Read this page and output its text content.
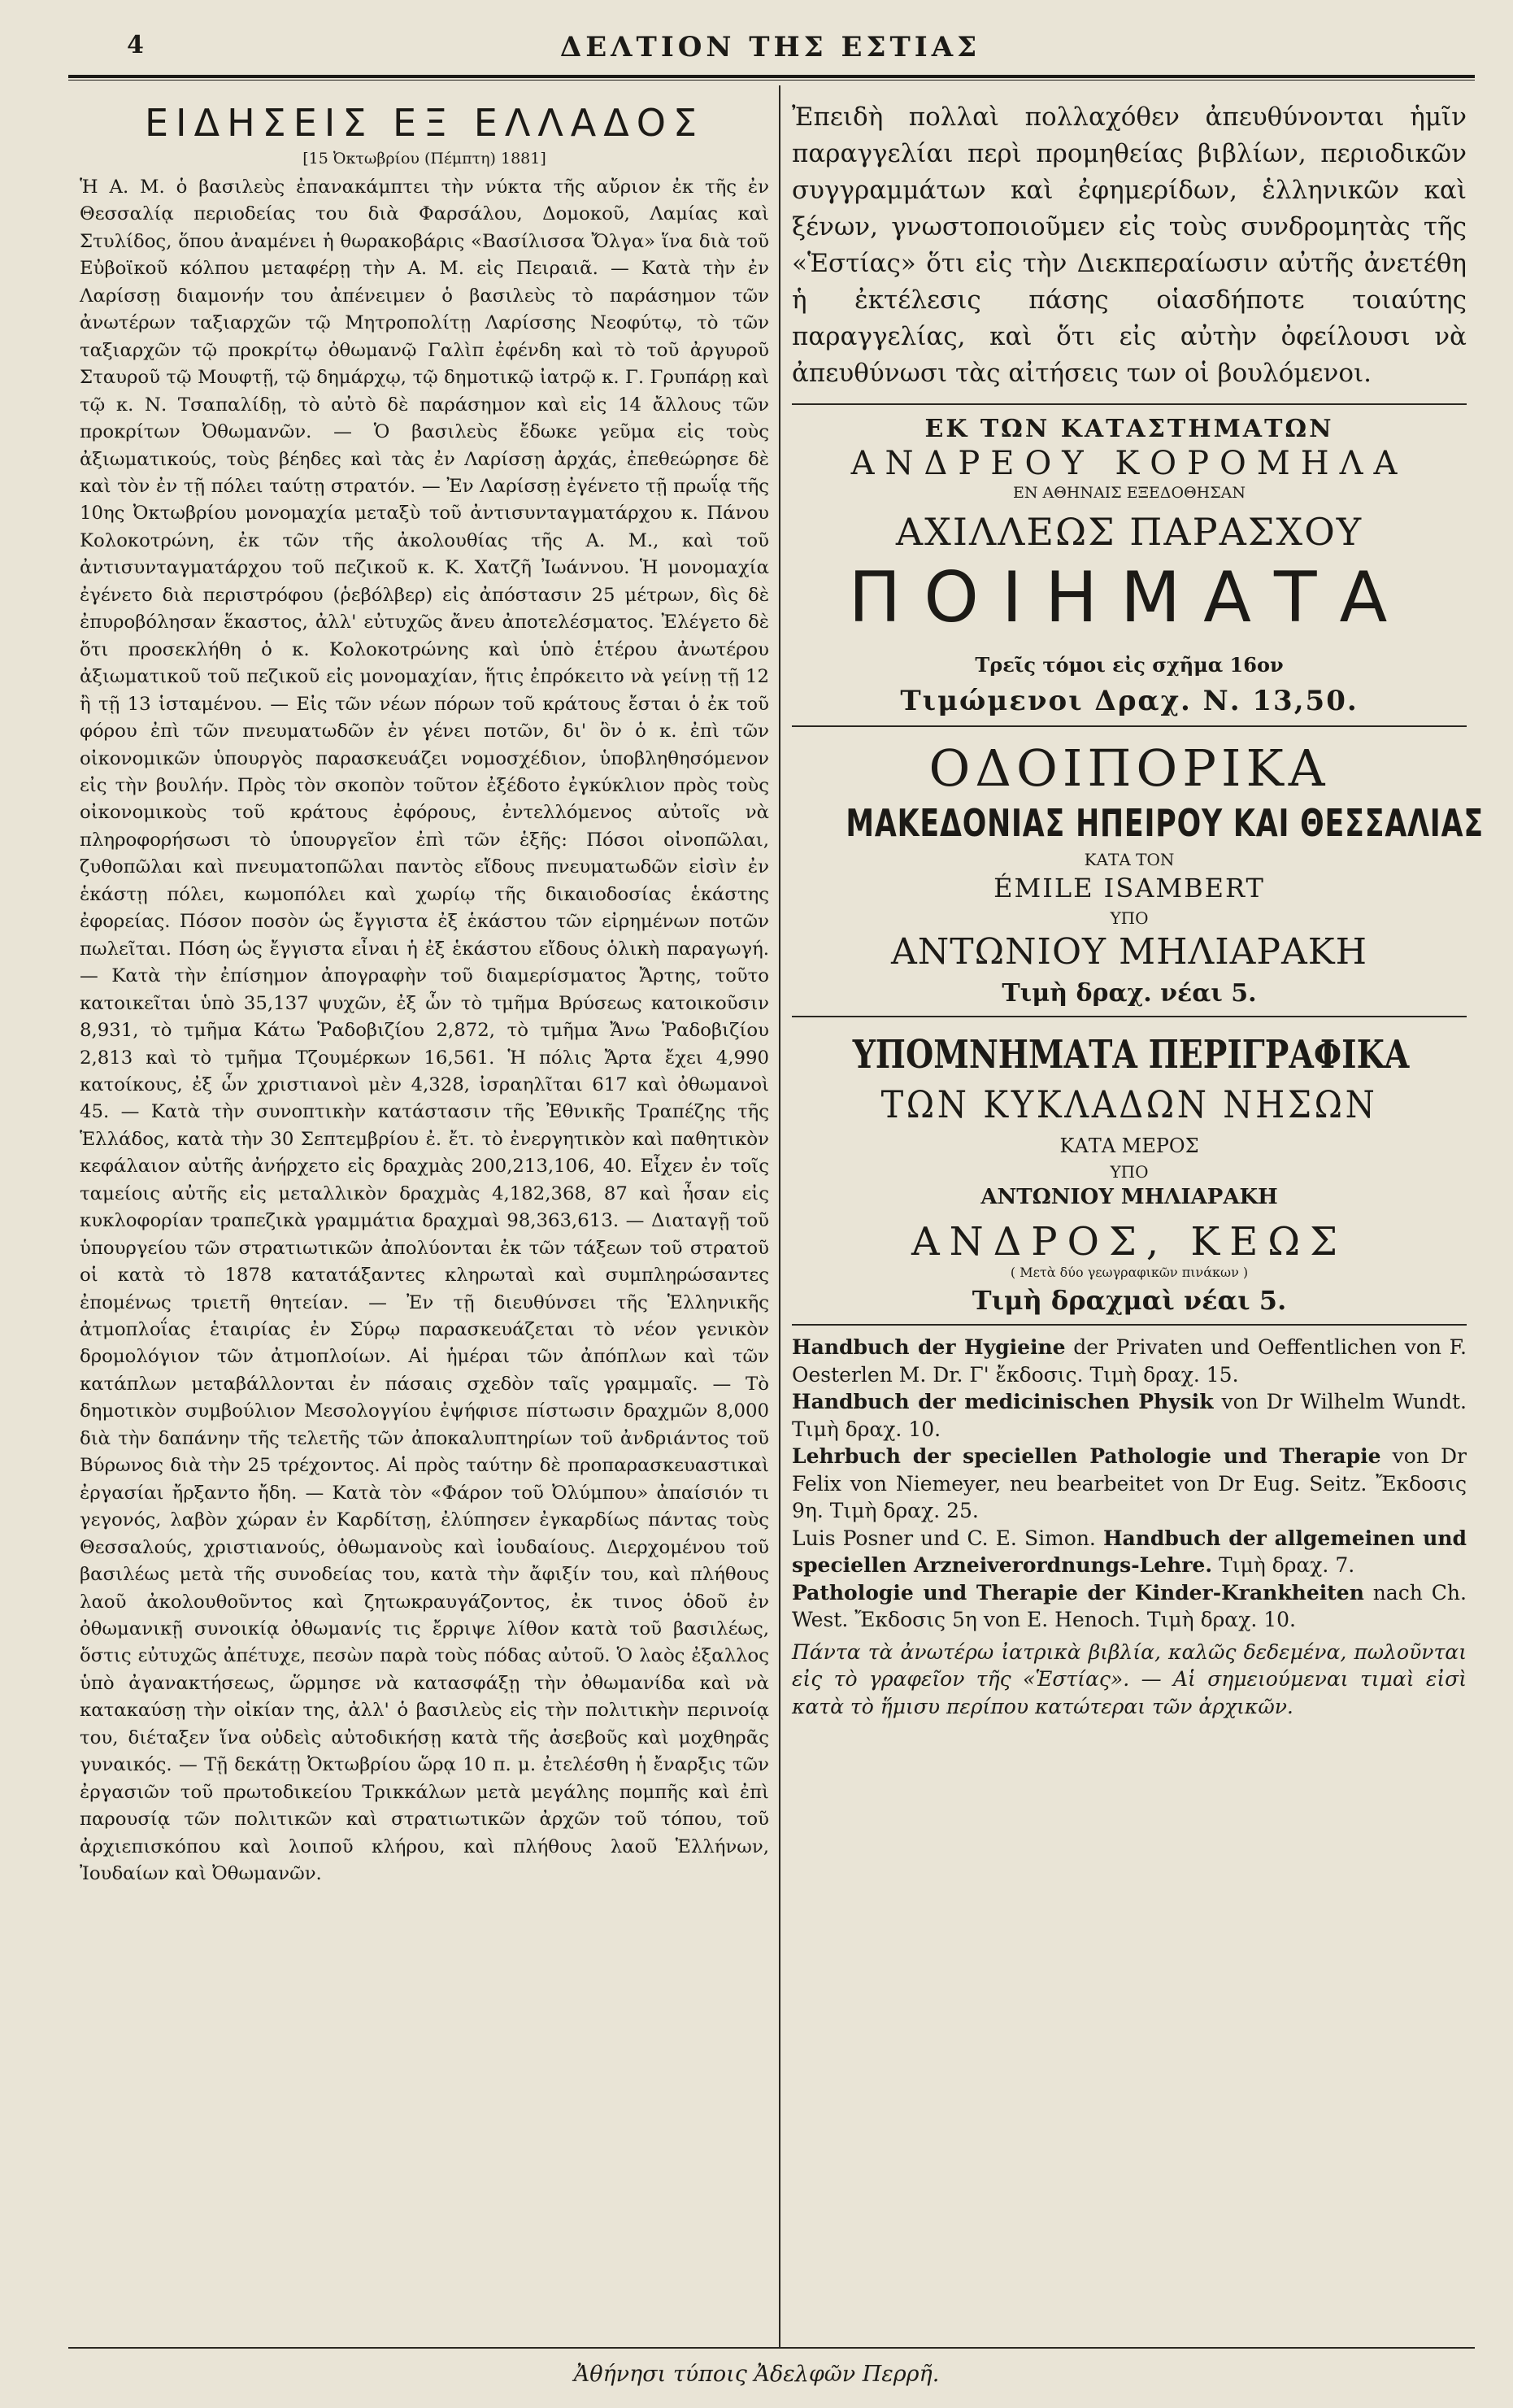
4	ΔΕΛΤΙΟΝ ΤΗΣ ΕΣΤΙΑΣ
ΕΙΔΗΣΕΙΣ ΕΞ ΕΛΛΑΔΟΣ
[15 Ὀκτωβρίου (Πέμπτη) 1881]

Ἡ Α. Μ. ὁ βασιλεὺς ἐπανακάμπτει τὴν νύκτα τῆς αὔριον ἐκ τῆς ἐν Θεσσαλίᾳ περιοδείας του διὰ Φαρσάλου, Δομοκοῦ, Λαμίας καὶ Στυλίδος, ὅπου ἀναμένει ἡ θωρακοβάρις «Βασίλισσα Ὄλγα» ἵνα διὰ τοῦ Εὐβοϊκοῦ κόλπου μεταφέρῃ τὴν Α. Μ. εἰς Πειραιᾶ. — Κατὰ τὴν ἐν Λαρίσσῃ διαμονήν του ἀπένειμεν ὁ βασιλεὺς τὸ παράσημον τῶν ἀνωτέρων ταξιαρχῶν τῷ Μητροπολίτῃ Λαρίσσης Νεοφύτῳ, τὸ τῶν ταξιαρχῶν τῷ προκρίτῳ ὀθωμανῷ Γαλὶπ ἐφένδη καὶ τὸ τοῦ ἀργυροῦ Σταυροῦ τῷ Μουφτῇ, τῷ δημάρχῳ, τῷ δημοτικῷ ἰατρῷ κ. Γ. Γρυπάρῃ καὶ τῷ κ. Ν. Τσαπαλίδῃ, τὸ αὐτὸ δὲ παράσημον καὶ εἰς 14 ἄλλους τῶν προκρίτων Ὀθωμανῶν. — Ὁ βασιλεὺς ἔδωκε γεῦμα εἰς τοὺς ἀξιωματικούς, τοὺς βέηδες καὶ τὰς ἐν Λαρίσσῃ ἀρχάς, ἐπεθεώρησε δὲ καὶ τὸν ἐν τῇ πόλει ταύτῃ στρατόν. — Ἐν Λαρίσσῃ ἐγένετο τῇ πρωΐᾳ τῆς 10ης Ὀκτωβρίου μονομαχία μεταξὺ τοῦ ἀντισυνταγματάρχου κ. Πάνου Κολοκοτρώνη, ἐκ τῶν τῆς ἀκολουθίας τῆς Α. Μ., καὶ τοῦ ἀντισυνταγματάρχου τοῦ πεζικοῦ κ. Κ. Χατζῆ Ἰωάννου. Ἡ μονομαχία ἐγένετο διὰ περιστρόφου (ῥεβόλβερ) εἰς ἀπόστασιν 25 μέτρων, δὶς δὲ ἐπυροβόλησαν ἕκαστος, ἀλλ' εὐτυχῶς ἄνευ ἀποτελέσματος. Ἐλέγετο δὲ ὅτι προσεκλήθη ὁ κ. Κολοκοτρώνης καὶ ὑπὸ ἑτέρου ἀνωτέρου ἀξιωματικοῦ τοῦ πεζικοῦ εἰς μονομαχίαν, ἥτις ἐπρόκειτο νὰ γείνῃ τῇ 12 ἢ τῇ 13 ἱσταμένου. — Εἰς τῶν νέων πόρων τοῦ κράτους ἔσται ὁ ἐκ τοῦ φόρου ἐπὶ τῶν πνευματωδῶν ἐν γένει ποτῶν, δι' ὃν ὁ κ. ἐπὶ τῶν οἰκονομικῶν ὑπουργὸς παρασκευάζει νομοσχέδιον, ὑποβληθησόμενον εἰς τὴν βουλήν. Πρὸς τὸν σκοπὸν τοῦτον ἐξέδοτο ἐγκύκλιον πρὸς τοὺς οἰκονομικοὺς τοῦ κράτους ἐφόρους, ἐντελλόμενος αὐτοῖς νὰ πληροφορήσωσι τὸ ὑπουργεῖον ἐπὶ τῶν ἑξῆς: Πόσοι οἰνοπῶλαι, ζυθοπῶλαι καὶ πνευματοπῶλαι παντὸς εἴδους πνευματωδῶν εἰσὶν ἐν ἑκάστῃ πόλει, κωμοπόλει καὶ χωρίῳ τῆς δικαιοδοσίας ἑκάστης ἐφορείας. Πόσον ποσὸν ὡς ἔγγιστα ἐξ ἑκάστου τῶν εἰρημένων ποτῶν πωλεῖται. Πόση ὡς ἔγγιστα εἶναι ἡ ἐξ ἑκάστου εἴδους ὁλικὴ παραγωγή. — Κατὰ τὴν ἐπίσημον ἀπογραφὴν τοῦ διαμερίσματος Ἄρτης, τοῦτο κατοικεῖται ὑπὸ 35,137 ψυχῶν, ἐξ ὧν τὸ τμῆμα Βρύσεως κατοικοῦσιν 8,931, τὸ τμῆμα Κάτω Ῥαδοβιζίου 2,872, τὸ τμῆμα Ἄνω Ῥαδοβιζίου 2,813 καὶ τὸ τμῆμα Τζουμέρκων 16,561. Ἡ πόλις Ἄρτα ἔχει 4,990 κατοίκους, ἐξ ὧν χριστιανοὶ μὲν 4,328, ἰσραηλῖται 617 καὶ ὀθωμανοὶ 45. — Κατὰ τὴν συνοπτικὴν κατάστασιν τῆς Ἐθνικῆς Τραπέζης τῆς Ἑλλάδος, κατὰ τὴν 30 Σεπτεμβρίου ἐ. ἔτ. τὸ ἐνεργητικὸν καὶ παθητικὸν κεφάλαιον αὐτῆς ἀνήρχετο εἰς δραχμὰς 200,213,106, 40. Εἶχεν ἐν τοῖς ταμείοις αὐτῆς εἰς μεταλλικὸν δραχμὰς 4,182,368, 87 καὶ ἦσαν εἰς κυκλοφορίαν τραπεζικὰ γραμμάτια δραχμαὶ 98,363,613. — Διαταγῇ τοῦ ὑπουργείου τῶν στρατιωτικῶν ἀπολύονται ἐκ τῶν τάξεων τοῦ στρατοῦ οἱ κατὰ τὸ 1878 κατατάξαντες κληρωταὶ καὶ συμπληρώσαντες ἐπομένως τριετῆ θητείαν. — Ἐν τῇ διευθύνσει τῆς Ἑλληνικῆς ἀτμοπλοΐας ἑταιρίας ἐν Σύρῳ παρασκευάζεται τὸ νέον γενικὸν δρομολόγιον τῶν ἀτμοπλοίων. Αἱ ἡμέραι τῶν ἀπόπλων καὶ τῶν κατάπλων μεταβάλλονται ἐν πάσαις σχεδὸν ταῖς γραμμαῖς. — Τὸ δημοτικὸν συμβούλιον Μεσολογγίου ἐψήφισε πίστωσιν δραχμῶν 8,000 διὰ τὴν δαπάνην τῆς τελετῆς τῶν ἀποκαλυπτηρίων τοῦ ἀνδριάντος τοῦ Βύρωνος διὰ τὴν 25 τρέχοντος. Αἱ πρὸς ταύτην δὲ προπαρασκευαστικαὶ ἐργασίαι ἤρξαντο ἤδη. — Κατὰ τὸν «Φάρον τοῦ Ὀλύμπου» ἀπαίσιόν τι γεγονός, λαβὸν χώραν ἐν Καρδίτσῃ, ἐλύπησεν ἐγκαρδίως πάντας τοὺς Θεσσαλούς, χριστιανούς, ὀθωμανοὺς καὶ ἰουδαίους. Διερχομένου τοῦ βασιλέως μετὰ τῆς συνοδείας του, κατὰ τὴν ἄφιξίν του, καὶ πλήθους λαοῦ ἀκολουθοῦντος καὶ ζητωκραυγάζοντος, ἐκ τινος ὁδοῦ ἐν ὀθωμανικῇ συνοικίᾳ ὀθωμανίς τις ἔρριψε λίθον κατὰ τοῦ βασιλέως, ὅστις εὐτυχῶς ἀπέτυχε, πεσὼν παρὰ τοὺς πόδας αὐτοῦ. Ὁ λαὸς ἐξαλλος ὑπὸ ἀγανακτήσεως, ὥρμησε νὰ κατασφάξῃ τὴν ὀθωμανίδα καὶ νὰ κατακαύσῃ τὴν οἰκίαν της, ἀλλ' ὁ βασιλεὺς εἰς τὴν πολιτικὴν περινοίᾳ του, διέταξεν ἵνα οὐδεὶς αὐτοδικήσῃ κατὰ τῆς ἀσεβοῦς καὶ μοχθηρᾶς γυναικός. — Τῇ δεκάτῃ Ὀκτωβρίου ὥρᾳ 10 π. μ. ἐτελέσθη ἡ ἔναρξις τῶν ἐργασιῶν τοῦ πρωτοδικείου Τρικκάλων μετὰ μεγάλης πομπῆς καὶ ἐπὶ παρουσίᾳ τῶν πολιτικῶν καὶ στρατιωτικῶν ἀρχῶν τοῦ τόπου, τοῦ ἀρχιεπισκόπου καὶ λοιποῦ κλήρου, καὶ πλήθους λαοῦ Ἑλλήνων, Ἰουδαίων καὶ Ὀθωμανῶν.

Ἐπειδὴ πολλαὶ πολλαχόθεν ἀπευθύνονται ἡμῖν παραγγελίαι περὶ προμηθείας βιβλίων, περιοδικῶν συγγραμμάτων καὶ ἐφημερίδων, ἑλληνικῶν καὶ ξένων, γνωστοποιοῦμεν εἰς τοὺς συνδρομητὰς τῆς «Ἑστίας» ὅτι εἰς τὴν Διεκπεραίωσιν αὐτῆς ἀνετέθη ἡ ἐκτέλεσις πάσης οἱασδήποτε τοιαύτης παραγγελίας, καὶ ὅτι εἰς αὐτὴν ὀφείλουσι νὰ ἀπευθύνωσι τὰς αἰτήσεις των οἱ βουλόμενοι.

ΕΚ ΤΩΝ ΚΑΤΑΣΤΗΜΑΤΩΝ
ΑΝΔΡΕΟΥ ΚΟΡΟΜΗΛΑ
ΕΝ ΑΘΗΝΑΙΣ ΕΞΕΔΟΘΗΣΑΝ
ΑΧΙΛΛΕΩΣ ΠΑΡΑΣΧΟΥ
ΠΟΙΗΜΑΤΑ
Τρεῖς τόμοι εἰς σχῆμα 16ον
Τιμώμενοι Δραχ. Ν. 13,50.
ΟΔΟΙΠΟΡΙΚΑ
ΜΑΚΕΔΟΝΙΑΣ ΗΠΕΙΡΟΥ ΚΑΙ ΘΕΣΣΑΛΙΑΣ
ΚΑΤΑ ΤΟΝ
ÉMILE ISAMBERT
ΥΠΟ
ΑΝΤΩΝΙΟΥ ΜΗΛΙΑΡΑΚΗ
Τιμὴ δραχ. νέαι 5.
ΥΠΟΜΝΗΜΑΤΑ ΠΕΡΙΓΡΑΦΙΚΑ
ΤΩΝ ΚΥΚΛΑΔΩΝ ΝΗΣΩΝ
ΚΑΤΑ ΜΕΡΟΣ
ΥΠΟ
ΑΝΤΩΝΙΟΥ ΜΗΛΙΑΡΑΚΗ
ΑΝΔΡΟΣ, ΚΕΩΣ
( Μετὰ δύο γεωγραφικῶν πινάκων )
Τιμὴ δραχμαὶ νέαι 5.

Handbuch der Hygieine der Privaten und Oeffentlichen von F. Oesterlen M. Dr. Γ' ἔκδοσις. Τιμὴ δραχ. 15.

Handbuch der medicinischen Physik von Dr Wilhelm Wundt. Τιμὴ δραχ. 10.

Lehrbuch der speciellen Pathologie und Therapie von Dr Felix von Niemeyer, neu bearbeitet von Dr Eug. Seitz. Ἔκδοσις 9η. Τιμὴ δραχ. 25.

Luis Posner und C. E. Simon. Handbuch der allgemeinen und speciellen Arzneiverordnungs-Lehre. Τιμὴ δραχ. 7.

Pathologie und Therapie der Kinder-Krankheiten nach Ch. West. Ἔκδοσις 5η von E. Henoch. Τιμὴ δραχ. 10.

Πάντα τὰ ἀνωτέρω ἰατρικὰ βιβλία, καλῶς δεδεμένα, πωλοῦνται εἰς τὸ γραφεῖον τῆς «Ἑστίας». — Αἱ σημειούμεναι τιμαὶ εἰσὶ κατὰ τὸ ἥμισυ περίπου κατώτεραι τῶν ἀρχικῶν.
Ἀθήνησι τύποις Ἀδελφῶν Περρῆ.
